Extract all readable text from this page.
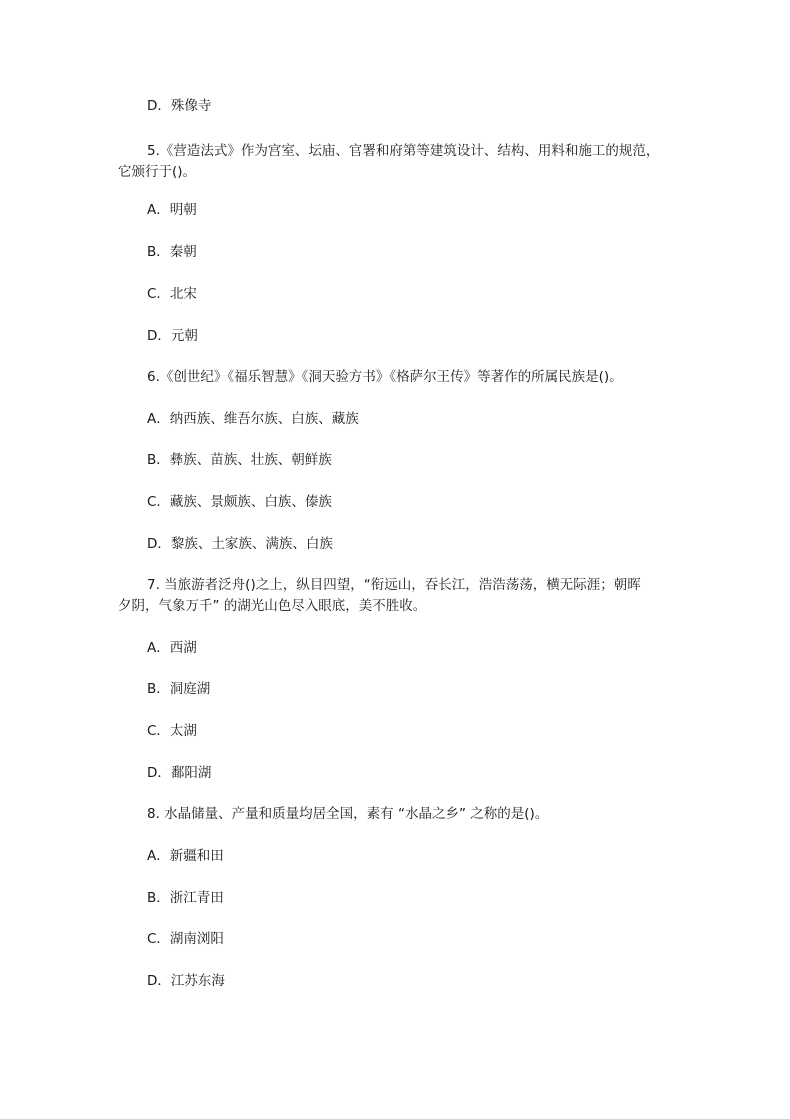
D．殊像寺
5.《营造法式》作为宫室、坛庙、官署和府第等建筑设计、结构、用料和施工的规范，
它颁行于()。
A．明朝
B．秦朝
C．北宋
D．元朝
6.《创世纪》《福乐智慧》《洞天验方书》《格萨尔王传》等著作的所属民族是()。
A．纳西族、维吾尔族、白族、藏族
B．彝族、苗族、壮族、朝鲜族
C．藏族、景颇族、白族、傣族
D．黎族、土家族、满族、白族
7. 当旅游者泛舟()之上，纵目四望，“衔远山，吞长江，浩浩荡荡，横无际涯；朝晖
夕阴，气象万千” 的湖光山色尽入眼底，美不胜收。
A．西湖
B．洞庭湖
C．太湖
D．鄱阳湖
8. 水晶储量、产量和质量均居全国，素有 “水晶之乡” 之称的是()。
A．新疆和田
B．浙江青田
C．湖南浏阳
D．江苏东海
